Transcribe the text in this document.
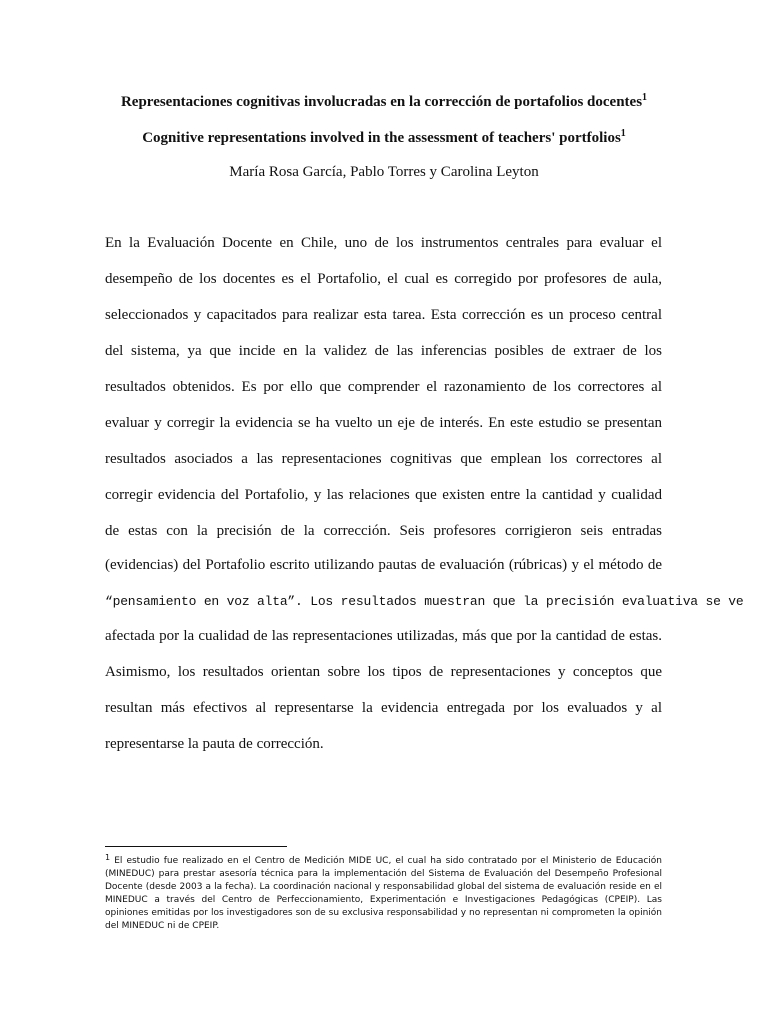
Representaciones cognitivas involucradas en la corrección de portafolios docentes$^1$
Cognitive representations involved in the assessment of teachers' portfolios$^1$
María Rosa García, Pablo Torres y Carolina Leyton
En la Evaluación Docente en Chile, uno de los instrumentos centrales para evaluar el
desempeño de los docentes es el Portafolio, el cual es corregido por profesores de aula,
seleccionados y capacitados para realizar esta tarea. Esta corrección es un proceso central
del sistema, ya que incide en la validez de las inferencias posibles de extraer de los
resultados obtenidos. Es por ello que comprender el razonamiento de los correctores al
evaluar y corregir la evidencia se ha vuelto un eje de interés. En este estudio se presentan
resultados asociados a las representaciones cognitivas que emplean los correctores al
corregir evidencia del Portafolio, y las relaciones que existen entre la cantidad y cualidad
de estas con la precisión de la corrección. Seis profesores corrigieron seis entradas
(evidencias) del Portafolio escrito utilizando pautas de evaluación (rúbricas) y el método de
“pensamiento en voz alta”. Los resultados muestran que la precisión evaluativa se ve
afectada por la cualidad de las representaciones utilizadas, más que por la cantidad de estas.
Asimismo, los resultados orientan sobre los tipos de representaciones y conceptos que
resultan más efectivos al representarse la evidencia entregada por los evaluados y al
representarse la pauta de corrección.
$^1$ El estudio fue realizado en el Centro de Medición MIDE UC, el cual ha sido contratado por el Ministerio de Educación (MINEDUC) para prestar asesoría técnica para la implementación del Sistema de Evaluación del Desempeño Profesional Docente (desde 2003 a la fecha). La coordinación nacional y responsabilidad global del sistema de evaluación reside en el MINEDUC a través del Centro de Perfeccionamiento, Experimentación e Investigaciones Pedagógicas (CPEIP). Las opiniones emitidas por los investigadores son de su exclusiva responsabilidad y no representan ni comprometen la opinión del MINEDUC ni de CPEIP.
